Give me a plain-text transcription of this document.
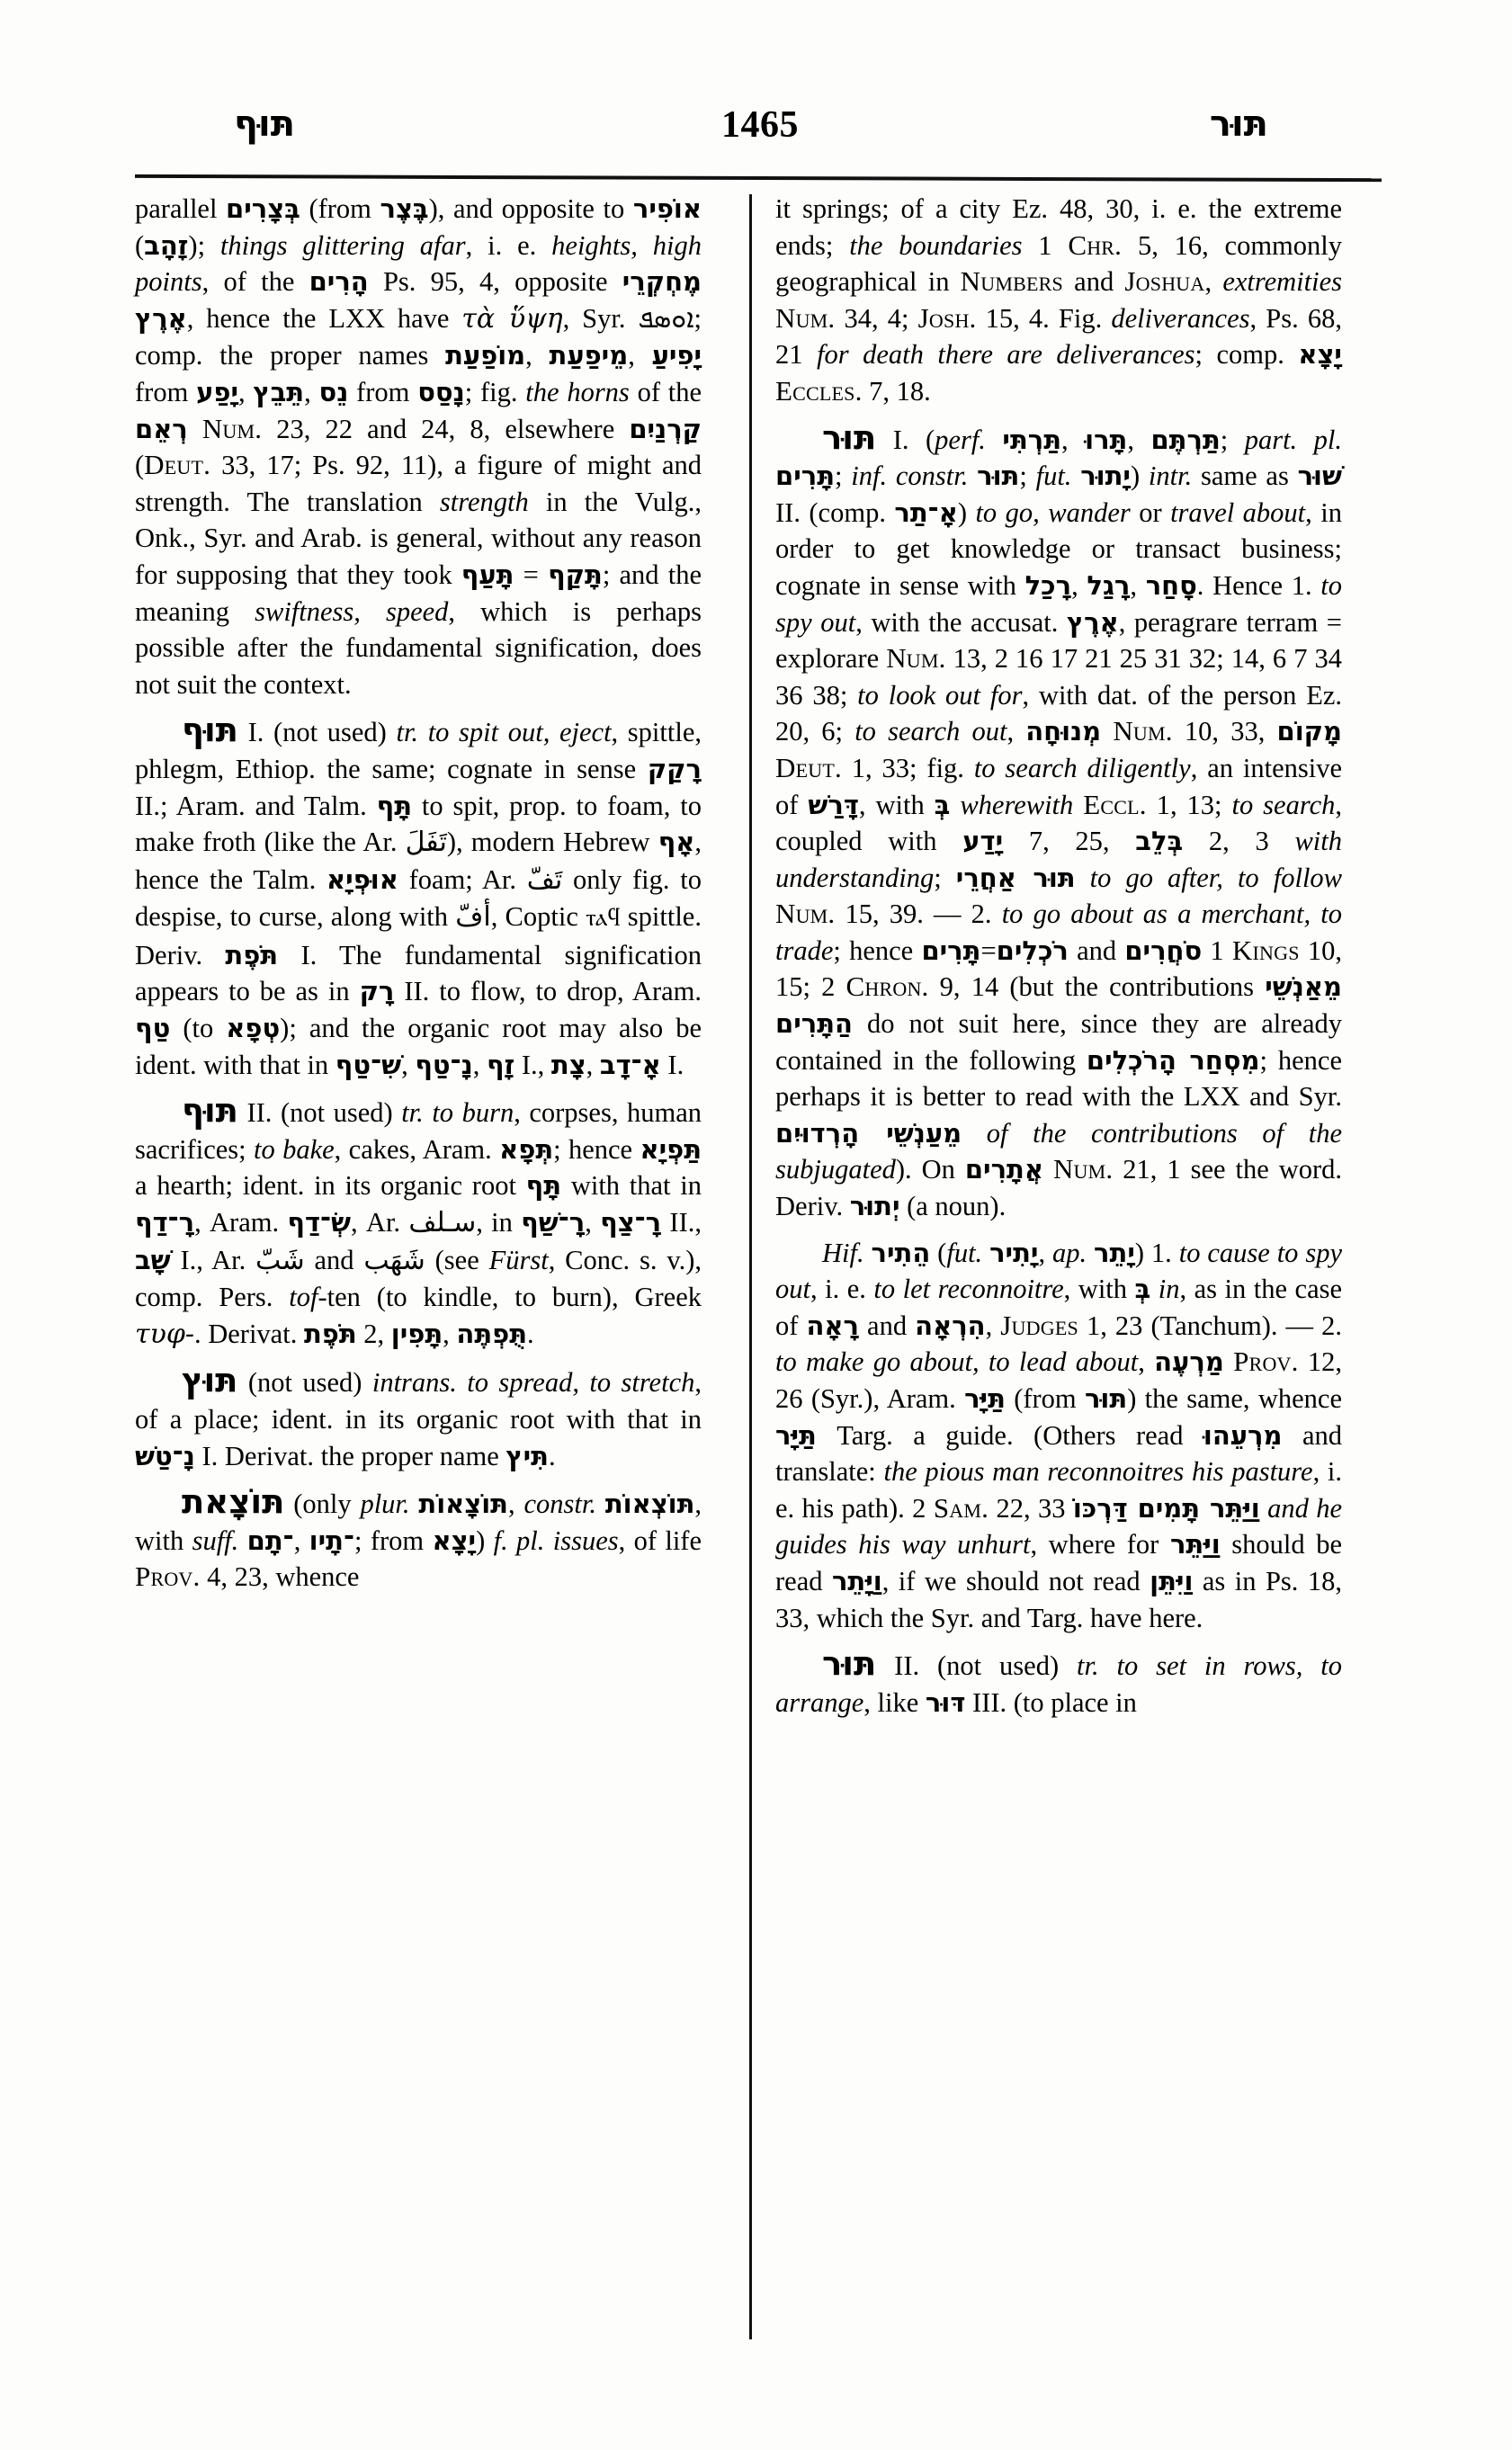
תּוּף	1465	תּוּר

parallel בְּצָרִים (from בֶּצֶר), and opposite to אוֹפִיר (זָהָב); things glittering afar, i. e. heights, high points, of the הָרִים Ps. 95, 4, opposite מֶחְקְרֵי אֶרֶץ, hence the LXX have τὰ ὕψη, Syr. ܐܘܣܦ; comp. the proper names מוֹפַעַת, מֵיפַעַת, יָפִיעַ from יָפַע, תֵּבֵץ, נֵס from נָסַס; fig. the horns of the רְאֵם Num. 23, 22 and 24, 8, elsewhere קַרְנַיִם (Deut. 33, 17; Ps. 92, 11), a figure of might and strength. The translation strength in the Vulg., Onk., Syr. and Arab. is general, without any reason for supposing that they took תָּעַף = תָּקַף; and the meaning swiftness, speed, which is perhaps possible after the fundamental signification, does not suit the context.

תּוּף I. (not used) tr. to spit out, eject, spittle, phlegm, Ethiop. the same; cognate in sense רָקַק II.; Aram. and Talm. תָּף to spit, prop. to foam, to make froth (like the Ar. تَفَلَ), modern Hebrew אָף, hence the Talm. אוּפְיָא foam; Ar. تَفّ only fig. to despise, to curse, along with أفّ, Coptic ⲧⲁϥ spittle. Deriv. תֹּפֶת I. The fundamental signification appears to be as in רָק II. to flow, to drop, Aram. טַף (to טְפָא); and the organic root may also be ident. with that in שִׁ־טַף, נָ־טַף, זָף I., צָת, אָ־דָב I.

תּוּף II. (not used) tr. to burn, corpses, human sacrifices; to bake, cakes, Aram. תְּפָא; hence תַּפְיָא a hearth; ident. in its organic root תָּף with that in רָ־דַף, Aram. שְׂ־דַף, Ar. سـلف, in רָ־שַׁף, רָ־צַף II., שָׁב I., Ar. شَبّ and شَهَب (see Fürst, Conc. s. v.), comp. Pers. tof-ten (to kindle, to burn), Greek τυφ-. Derivat. תֹּפֶת 2, תָּפִין, תֻּפְתֶּה.

תּוּץ (not used) intrans. to spread, to stretch, of a place; ident. in its organic root with that in נָ־טַשׁ I. Derivat. the proper name תִּיץ.

תּוֹצָאת (only plur. תּוֹצָאוֹת, constr. תּוֹצְאוֹת, with suff. ־תָם, ־תָיו; from יָצָא) f. pl. issues, of life Prov. 4, 23, whence

it springs; of a city Ez. 48, 30, i. e. the extreme ends; the boundaries 1 Chr. 5, 16, commonly geographical in Numbers and Joshua, extremities Num. 34, 4; Josh. 15, 4. Fig. deliverances, Ps. 68, 21 for death there are deliverances; comp. יָצָא Eccles. 7, 18.

תּוּר I. (perf. תַּרְתִּי, תָּרוּ, תַּרְתֶּם; part. pl. תָּרִים; inf. constr. תּוּר; fut. יָתוּר) intr. same as שׁוּר II. (comp. אָ־תַר) to go, wander or travel about, in order to get knowledge or transact business; cognate in sense with רָכַל, רָגַל, סָחַר. Hence 1. to spy out, with the accusat. אֶרֶץ, peragrare terram = explorare Num. 13, 2 16 17 21 25 31 32; 14, 6 7 34 36 38; to look out for, with dat. of the person Ez. 20, 6; to search out, מְנוּחָה Num. 10, 33, מָקוֹם Deut. 1, 33; fig. to search diligently, an intensive of דָּרַשׁ, with בְּ wherewith Eccl. 1, 13; to search, coupled with יָדַע 7, 25, בְּלֵב 2, 3 with understanding; תּוּר אַחֲרֵי to go after, to follow Num. 15, 39. — 2. to go about as a merchant, to trade; hence תָּרִים=רֹכְלִים and סֹחֲרִים 1 Kings 10, 15; 2 Chron. 9, 14 (but the contributions מֵאַנְשֵׁי הַתָּרִים do not suit here, since they are already contained in the following מִסְחַר הָרֹכְלִים; hence perhaps it is better to read with the LXX and Syr. מֵעַנְשֵׁי הָרְדוּיִם of the contributions of the subjugated). On אֲתָרִים Num. 21, 1 see the word. Deriv. יְתוּר (a noun).

Hif. הֵתִיר (fut. יָתִיר, ap. יָתֵר) 1. to cause to spy out, i. e. to let reconnoitre, with בְּ in, as in the case of רָאָה and הִרְאָה, Judges 1, 23 (Tanchum). — 2. to make go about, to lead about, מַרְעֶה Prov. 12, 26 (Syr.), Aram. תַּיָּר (from תּוּר) the same, whence תַּיָּר Targ. a guide. (Others read מִרְעֵהוּ and translate: the pious man reconnoitres his pasture, i. e. his path). 2 Sam. 22, 33 וַיַּתֵּר תָּמִים דַּרְכּוֹ and he guides his way unhurt, where for וַיַּתֵּר should be read וַיָּתֵר, if we should not read וַיִּתֵּן as in Ps. 18, 33, which the Syr. and Targ. have here.

תּוּר II. (not used) tr. to set in rows, to arrange, like דּוּר III. (to place in
